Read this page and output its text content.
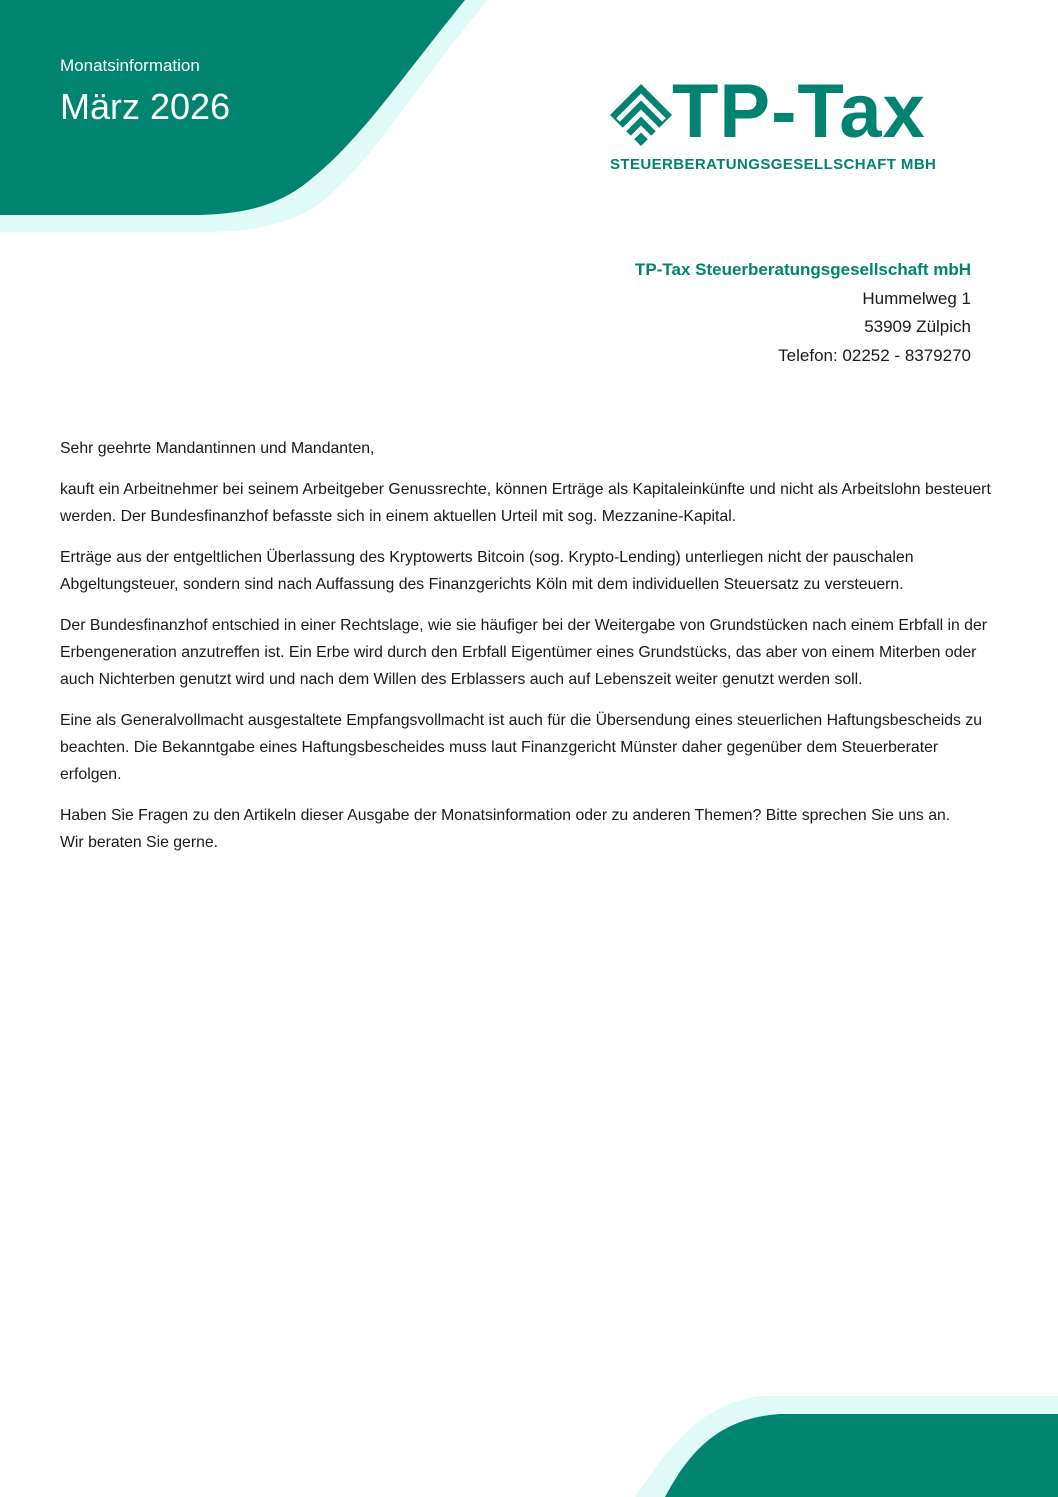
Monatsinformation
März 2026	TP-Tax
STEUERBERATUNGSGESELLSCHAFT MBH
TP-Tax Steuerberatungsgesellschaft mbH
Hummelweg 1
53909 Zülpich
Telefon: 02252 - 8379270

Sehr geehrte Mandantinnen und Mandanten,

kauft ein Arbeitnehmer bei seinem Arbeitgeber Genussrechte, können Erträge als Kapitaleinkünfte und nicht als Arbeitslohn besteuert werden. Der Bundesfinanzhof befasste sich in einem aktuellen Urteil mit sog. Mezzanine-Kapital.

Erträge aus der entgeltlichen Überlassung des Kryptowerts Bitcoin (sog. Krypto-Lending) unterliegen nicht der pauschalen Abgeltungsteuer, sondern sind nach Auffassung des Finanzgerichts Köln mit dem individuellen Steuersatz zu versteuern.

Der Bundesfinanzhof entschied in einer Rechtslage, wie sie häufiger bei der Weitergabe von Grundstücken nach einem Erbfall in der Erbengeneration anzutreffen ist. Ein Erbe wird durch den Erbfall Eigentümer eines Grundstücks, das aber von einem Miterben oder auch Nichterben genutzt wird und nach dem Willen des Erblassers auch auf Lebenszeit weiter genutzt werden soll.

Eine als Generalvollmacht ausgestaltete Empfangsvollmacht ist auch für die Übersendung eines steuerlichen Haftungsbescheids zu beachten. Die Bekanntgabe eines Haftungsbescheides muss laut Finanzgericht Münster daher gegenüber dem Steuerberater erfolgen.

Haben Sie Fragen zu den Artikeln dieser Ausgabe der Monatsinformation oder zu anderen Themen? Bitte sprechen Sie uns an.
Wir beraten Sie gerne.
